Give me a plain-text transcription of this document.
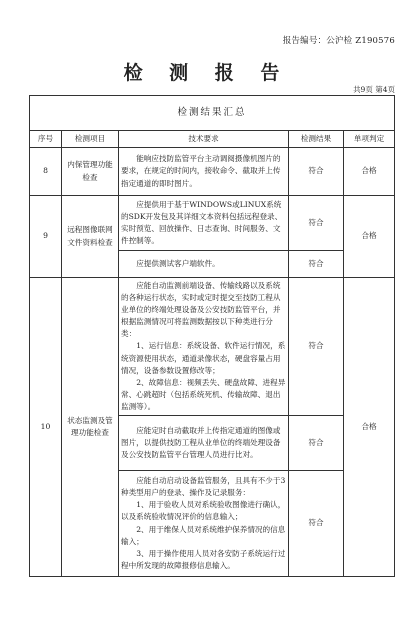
报告编号：公沪检 Z190576
检 测 报 告
共9页 第4页
检测结果汇总				
序号	检测项目	技术要求	检测结果	单项判定
8	内保管理功能检查	能响应技防监管平台主动调阅摄像机图片的要求，在规定的时间内，接收命令、截取并上传指定通道的即时图片。	符合	合格
9	远程图像联网文件资料检查	应提供用于基于WINDOWS或LINUX系统的SDK开发包及其详细文本资料包括远程登录、实时预览、回放操作、日志查询、时间服务、文件控制等。	符合	合格

		应提供测试客户端软件。	符合	
10	状态监测及管理功能检查	应能自动监测前端设备、传输线路以及系统的各种运行状态，实时或定时提交至技防工程从业单位的终端处理设备及公安技防监管平台，并根据监测情况可将监测数据按以下种类进行分类：

1、运行信息：系统设备、软件运行情况，系统资源使用状态，通道录像状态，硬盘容量占用情况，设备参数设置修改等；

2、故障信息：视频丢失、硬盘故障、进程异常、心跳超时（包括系统死机、传输故障、退出监测等）。	符合	合格

		应能定时自动截取并上传指定通道的图像或图片，以提供技防工程从业单位的终端处理设备及公安技防监管平台管理人员进行比对。	符合	

		应能自动启动设备监管服务，且具有不少于3种类型用户的登录、操作及记录服务：

1、用于验收人员对系统验收图像进行确认，以及系统验收情况评价的信息输入；

2、用于维保人员对系统维护保养情况的信息输入；

3、用于操作使用人员对各安防子系统运行过程中所发现的故障报修信息输入。	符合	
